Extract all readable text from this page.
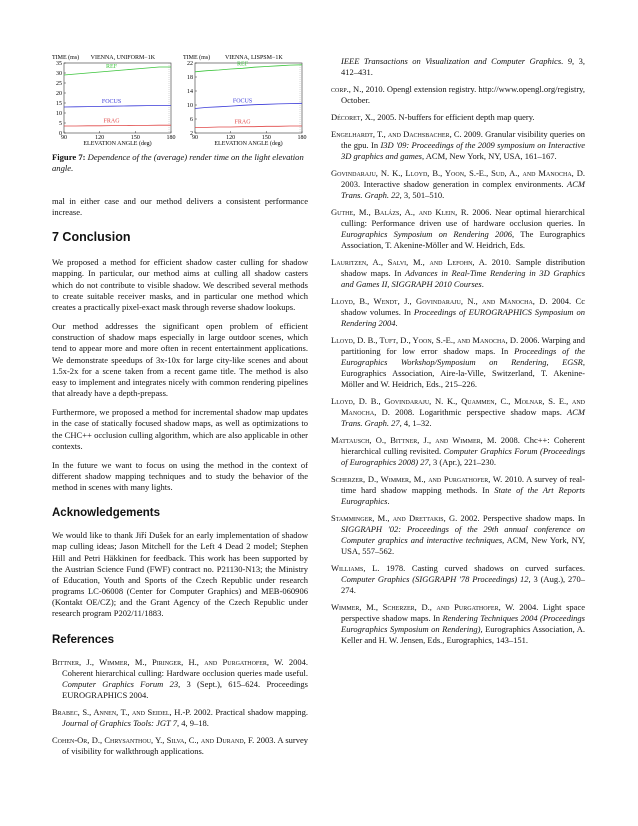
TIME (ms) VIENNA, UNIFORM−1K
0
5
10
15
20
25
30
35
90	120	150	180
ELEVATION ANGLE (deg)
REF
FOCUS
FRAG
TIME (ms) VIENNA, LISPSM−1K
2
6
10
14
18
22
90	120	150	180
ELEVATION ANGLE (deg)
REF
FOCUS
FRAG
Figure 7: Dependence of the (average) render time on the light elevation angle.

mal in either case and our method delivers a consistent performance increase.

7 Conclusion

We proposed a method for efficient shadow caster culling for shadow mapping. In particular, our method aims at culling all shadow casters which do not contribute to visible shadow. We described several methods to create suitable receiver masks, and in particular one method which creates a practically pixel-exact mask through reverse shadow lookups.

Our method addresses the significant open problem of efficient construction of shadow maps especially in large outdoor scenes, which tend to appear more and more often in recent entertainment applications. We demonstrate speedups of 3x-10x for large city-like scenes and about 1.5x-2x for a scene taken from a recent game title. The method is also easy to implement and integrates nicely with common rendering pipelines that already have a depth-prepass.

Furthermore, we proposed a method for incremental shadow map updates in the case of statically focused shadow maps, as well as optimizations to the CHC++ occlusion culling algorithm, which are also applicable in other contexts.

In the future we want to focus on using the method in the context of different shadow mapping techniques and to study the behavior of the method in scenes with many lights.

Acknowledgements

We would like to thank Jiří Dušek for an early implementation of shadow map culling ideas; Jason Mitchell for the Left 4 Dead 2 model; Stephen Hill and Petri Häkkinen for feedback. This work has been supported by the Austrian Science Fund (FWF) contract no. P21130-N13; the Ministry of Education, Youth and Sports of the Czech Republic under research programs LC-06008 (Center for Computer Graphics) and MEB-060906 (Kontakt OE/CZ); and the Grant Agency of the Czech Republic under research program P202/11/1883.

References
Bittner, J., Wimmer, M., Piringer, H., and Purgathofer, W. 2004. Coherent hierarchical culling: Hardware occlusion queries made useful. Computer Graphics Forum 23, 3 (Sept.), 615–624. Proceedings EUROGRAPHICS 2004.
Brabec, S., Annen, T., and Seidel, H.-P. 2002. Practical shadow mapping. Journal of Graphics Tools: JGT 7, 4, 9–18.
Cohen-Or, D., Chrysanthou, Y., Silva, C., and Durand, F. 2003. A survey of visibility for walkthrough applications.
IEEE Transactions on Visualization and Computer Graphics. 9, 3, 412–431.
corp., N., 2010. Opengl extension registry. http://www.opengl.org/registry, October.
Décoret, X., 2005. N-buffers for efficient depth map query.
Engelhardt, T., and Dachsbacher, C. 2009. Granular visibility queries on the gpu. In I3D '09: Proceedings of the 2009 symposium on Interactive 3D graphics and games, ACM, New York, NY, USA, 161–167.
Govindaraju, N. K., Lloyd, B., Yoon, S.-E., Sud, A., and Manocha, D. 2003. Interactive shadow generation in complex environments. ACM Trans. Graph. 22, 3, 501–510.
Guthe, M., Balázs, A., and Klein, R. 2006. Near optimal hierarchical culling: Performance driven use of hardware occlusion queries. In Eurographics Symposium on Rendering 2006, The Eurographics Association, T. Akenine-Möller and W. Heidrich, Eds.
Lauritzen, A., Salvi, M., and Lefohn, A. 2010. Sample distribution shadow maps. In Advances in Real-Time Rendering in 3D Graphics and Games II, SIGGRAPH 2010 Courses.
Lloyd, B., Wendt, J., Govindaraju, N., and Manocha, D. 2004. Cc shadow volumes. In Proceedings of EUROGRAPHICS Symposium on Rendering 2004.
Lloyd, D. B., Tuft, D., Yoon, S.-E., and Manocha, D. 2006. Warping and partitioning for low error shadow maps. In Proceedings of the Eurographics Workshop/Symposium on Rendering, EGSR, Eurographics Association, Aire-la-Ville, Switzerland, T. Akenine-Möller and W. Heidrich, Eds., 215–226.
Lloyd, D. B., Govindaraju, N. K., Quammen, C., Molnar, S. E., and Manocha, D. 2008. Logarithmic perspective shadow maps. ACM Trans. Graph. 27, 4, 1–32.
Mattausch, O., Bittner, J., and Wimmer, M. 2008. Chc++: Coherent hierarchical culling revisited. Computer Graphics Forum (Proceedings of Eurographics 2008) 27, 3 (Apr.), 221–230.
Scherzer, D., Wimmer, M., and Purgathofer, W. 2010. A survey of real-time hard shadow mapping methods. In State of the Art Reports Eurographics.
Stamminger, M., and Drettakis, G. 2002. Perspective shadow maps. In SIGGRAPH '02: Proceedings of the 29th annual conference on Computer graphics and interactive techniques, ACM, New York, NY, USA, 557–562.
Williams, L. 1978. Casting curved shadows on curved surfaces. Computer Graphics (SIGGRAPH '78 Proceedings) 12, 3 (Aug.), 270–274.
Wimmer, M., Scherzer, D., and Purgathofer, W. 2004. Light space perspective shadow maps. In Rendering Techniques 2004 (Proceedings Eurographics Symposium on Rendering), Eurographics Association, A. Keller and H. W. Jensen, Eds., Eurographics, 143–151.
